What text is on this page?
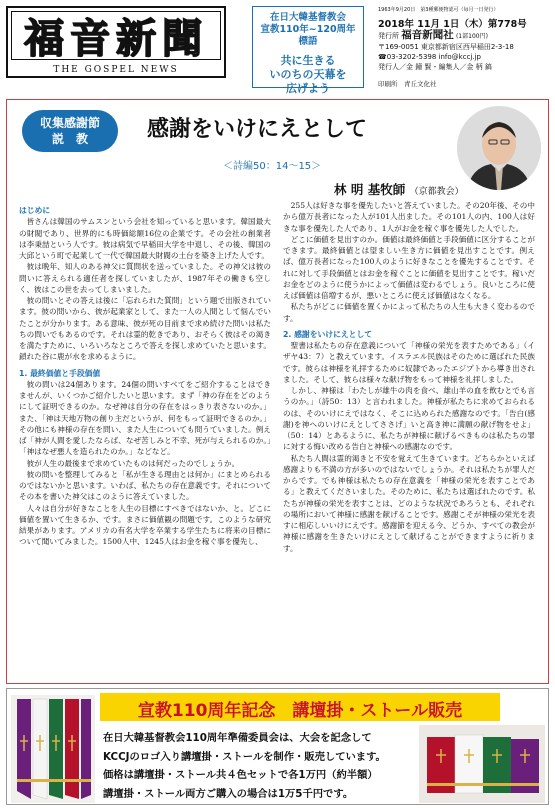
福音新聞
THE GOSPEL NEWS
在日大韓基督教会
宣教110年~120周年
標語
共に生きる
いのちの天幕を
広げよう
1963年9月20日　第3種郵便物認可（毎月一日発行）
2018年 11月 1日（木）第778号
発行所 福音新聞社 (1部100円)
〒169-0051 東京都新宿区西早稲田2-3-18
☎03-3202-5398 info@kccj.jp
発行人／金 鐘 賢・編集人／金 柄 鎬
印刷所　青丘文化社
収集感謝節
説　教	感謝をいけにえとして
＜詩編50：14〜15＞
林 明 基牧師 （京都教会）
はじめに

皆さんは韓国のサムスンという会社を知っていると思います。韓国最大の財閥であり、世界的にも時価総額16位の企業です。その会社の創業者は李秉喆という人です。彼は病気で早稲田大学を中退し、その後、韓国の大邱という町で起業して一代で韓国最大財閥の土台を築き上げた人です。

彼は晩年、知人のある神父に質問状を送っていました。その神父は彼の問いに答えられる適任者を探していましたが、1987年その働きも空しく、彼はこの世を去ってしまいました。

彼の問いとその答えは後に「忘れられた質問」という題で出版されています。彼の問いから、彼が起業家として、また一人の人間として悩んでいたことが分かります。ある意味、彼が死の目前まで求め続けた問いは私たちの問いでもあるのです。それは霊的乾きであり、おそらく彼はその渇きを満たすために、いろいろなところで答えを探し求めていたと思います。鎖れた谷に鹿が水を求めるように。

1. 最終価値と手段価値

彼の問いは24個あります。24個の問いすべてをご紹介することはできませんが、いくつかご紹介したいと思います。まず「神の存在をどのようにして証明できるのか。なぜ神は自分の存在をはっきり表さないのか。」また、「神は天地万物の創り主だというが、何をもって証明できるのか。」その他にも神様の存在を問い、また人生についても問うていました。例えば「神が人間を愛したならば、なぜ苦しみと不幸、死が与えられるのか。」「神はなぜ悪人を造られたのか。」などなど。

彼が人生の最後まで求めていたものは何だったのでしょうか。

彼の問いを整理してみると「私が生きる理由とは何か」にまとめられるのではないかと思います。いわば、私たちの存在意義です。それについてその本を書いた神父はこのように答えていました。

人々は自分が好きなことを人生の目標にすべきではないか、と。どこに価値を置いて生きるか、です。まさに価値観の問題です。このような研究結果があります。アメリカの有名大学を卒業する学生たちに将来の目標について聞いてみました。1500人中、1245人はお金を稼ぐ事を優先し、

255人は好きな事を優先したいと答えていました。その20年後、その中から億万長者になった人が101人出ました。その101人の内、100人は好きな事を優先した人であり、1人がお金を稼ぐ事を優先した人でした。

どこに価値を見出すのか。価値は最終価値と手段価値に区分することができます。最終価値とは望ましい生き方に価値を見出すことです。例えば、億万長者になった100人のように好きなことを優先することです。それに対して手段価値とはお金を稼ぐことに価値を見出すことです。稼いだお金をどのように使うかによって価値は変わるでしょう。良いところに使えば価値は倍増するが、悪いところに使えば価値はなくなる。

私たちがどこに価値を置くかによって私たちの人生も大きく変わるのです。

2. 感謝をいけにえとして

聖書は私たちの存在意義について「神様の栄光を表すためである」（イザヤ43：7）と教えています。イスラエル民族はそのために選ばれた民族です。彼らは神様を礼拝するために奴隷であったエジプトから導き出されました。そして、彼らは様々な献げ物をもって神様を礼拝しました。

しかし、神様は「わたしが雄牛の肉を食べ、雄山羊の血を飲むとでも言うのか。」（詩50：13）と言われました。神様が私たちに求めておられるのは、そのいけにえではなく、そこに込められた感謝なのです。「告白(感謝)を神へのいけにえとしてささげ」いと高き神に満願の献げ物をせよ」（50：14）とあるように、私たちが神様に献げるべきものは私たちの罪に対する悔い改める告白と神様への感謝なのです。

私たち人間は霊的渇きと不安を覚えて生きています。どちらかといえば感謝よりも不満の方が多いのではないでしょうか。それは私たちが罪人だからです。でも神様は私たちの存在意義を「神様の栄光を表すことである」と教えてくださいました。そのために、私たちは選ばれたのです。私たちが神様の栄光を表すことは、どのような状況であろうとも、それぞれの場所において神様に感謝を献げることです。感謝こそが神様の栄光を表すに相応しいいけにえです。感謝節を迎える今、どうか、すべての教会が神様に感謝を生きたいけにえとして献げることができますように祈ります。

宣教110周年記念　講壇掛・ストール販売
在日大韓基督教会110周年準備委員会は、大会を記念して
KCCJのロゴ入り講壇掛・ストールを制作・販売しています。
価格は講壇掛・ストール共４色セットで各1万円（約半額）
講壇掛・ストール両方ご購入の場合は1万5千円です。
